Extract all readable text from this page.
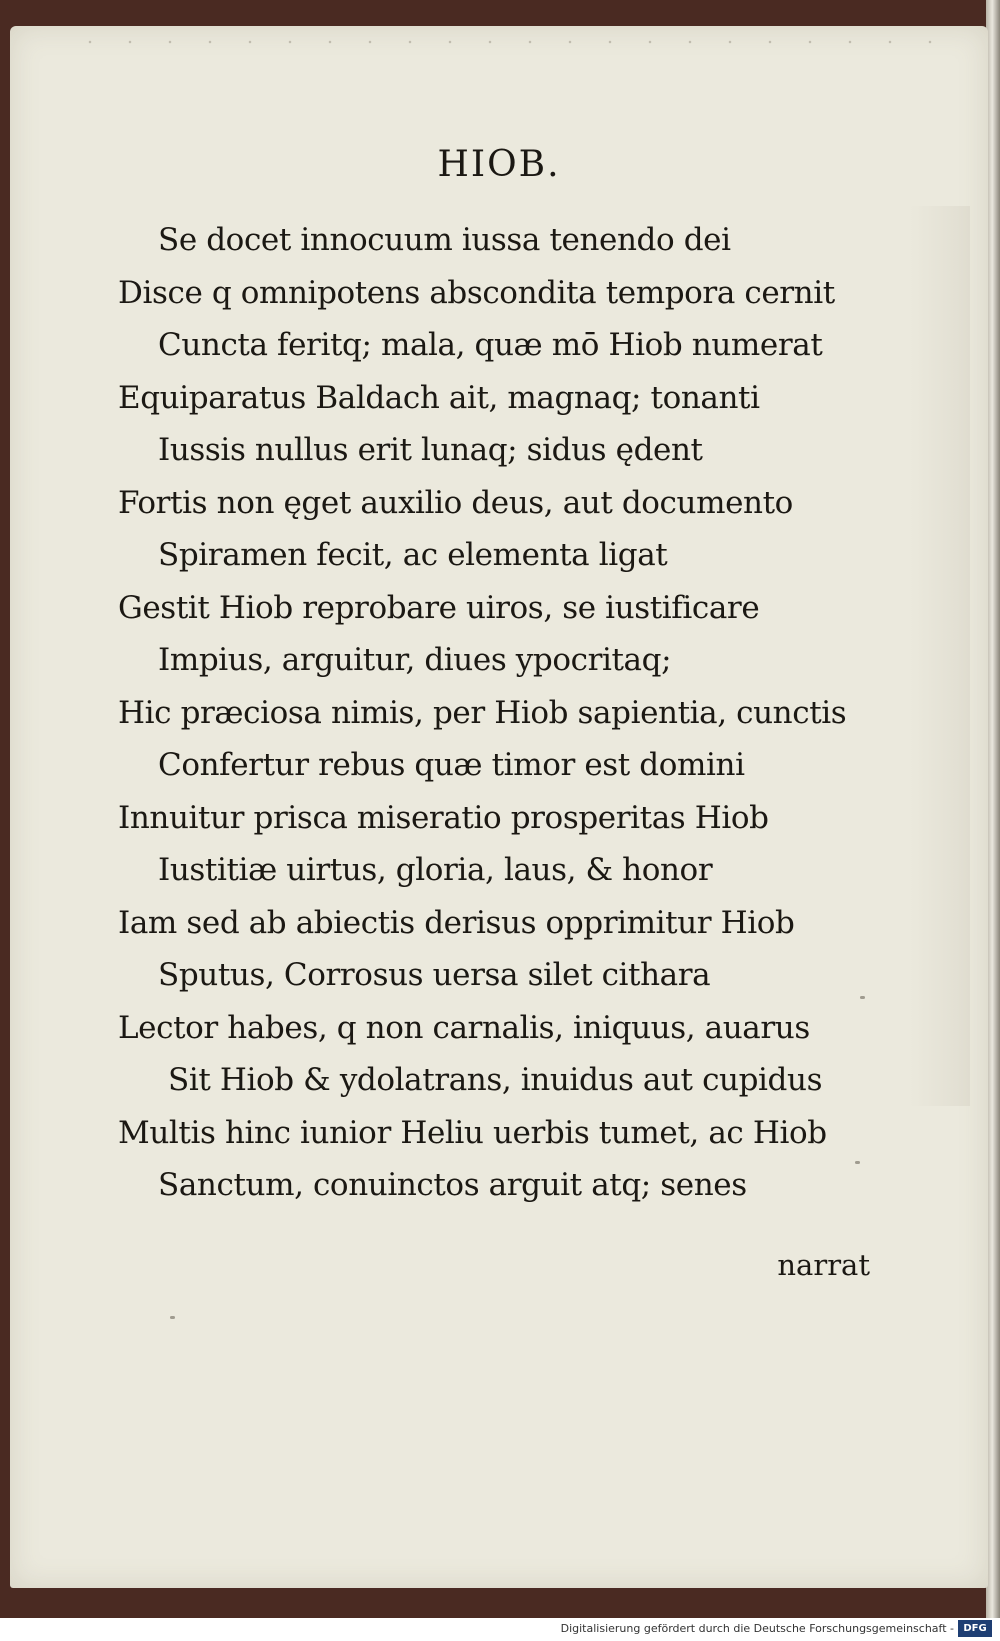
HIOB.
Se docet innocuum iussa tenendo dei
Disce q omnipotens abscondita tempora cernit
Cuncta feritq; mala, quæ mō Hiob numerat
Equiparatus Baldach ait, magnaq; tonanti
Iussis nullus erit lunaq; sidus ędent
Fortis non ęget auxilio deus, aut documento
Spiramen fecit, ac elementa ligat
Gestit Hiob reprobare uiros, se iustificare
Impius, arguitur, diues ypocritaq;
Hic præciosa nimis, per Hiob sapientia, cunctis
Confertur rebus quæ timor est domini
Innuitur prisca miseratio prosperitas Hiob
Iustitiæ uirtus, gloria, laus, & honor
Iam sed ab abiectis derisus opprimitur Hiob
Sputus, Corrosus uersa silet cithara
Lector habes, q non carnalis, iniquus, auarus
Sit Hiob & ydolatrans, inuidus aut cupidus
Multis hinc iunior Heliu uerbis tumet, ac Hiob
Sanctum, conuinctos arguit atq; senes
narrat
Digitalisierung gefördert durch die Deutsche Forschungsgemeinschaft - DFG
